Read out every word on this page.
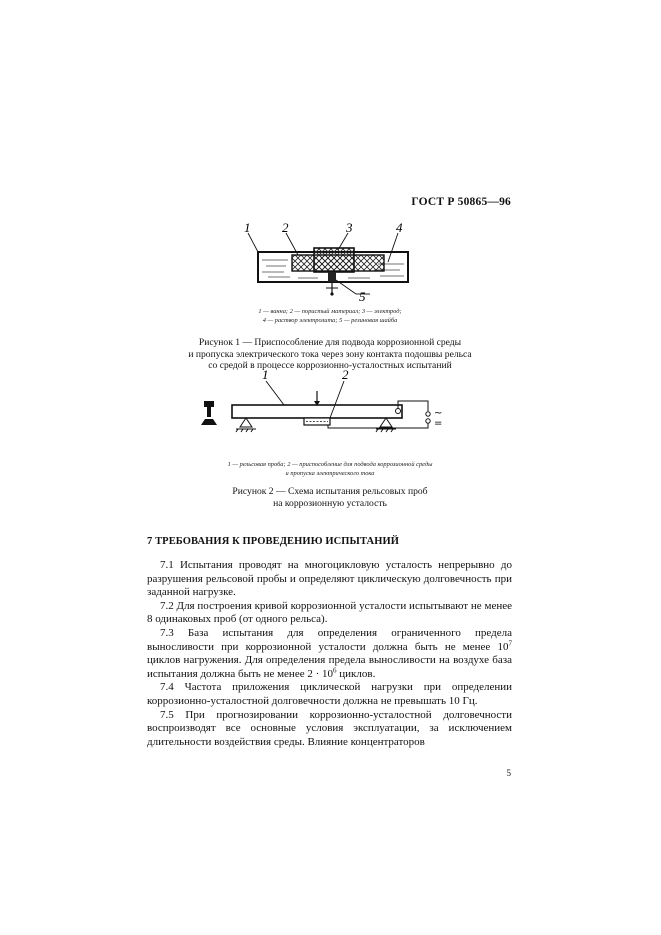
ГОСТ Р 50865—96
1 2	3	4
5
1 — ванна; 2 — пористый материал; 3 — электрод;
4 — раствор электролита; 5 — резиновая шайба
Рисунок 1 — Приспособление для подвода коррозионной среды
и пропуска электрического тока через зону контакта подошвы рельса
со средой в процессе коррозионно-усталостных испытаний
~
=
1	2
1 — рельсовая проба; 2 — приспособление для подвода коррозионной среды
и пропуска электрического тока
Рисунок 2 — Схема испытания рельсовых проб
на коррозионную усталость
7 ТРЕБОВАНИЯ К ПРОВЕДЕНИЮ ИСПЫТАНИЙ

7.1 Испытания проводят на многоцикловую усталость непрерывно до разрушения рельсовой пробы и определяют циклическую долговечность при заданной нагрузке.

7.2 Для построения кривой коррозионной усталости испытывают не менее 8 одинаковых проб (от одного рельса).

7.3 База испытания для определения ограниченного предела выносливости при коррозионной усталости должна быть не менее $10^7$ циклов нагружения. Для определения предела выносливости на воздухе база испытания должна быть не менее $2 \cdot 10^6$ циклов.

7.4 Частота приложения циклической нагрузки при определении коррозионно-усталостной долговечности должна не превышать 10 Гц.

7.5 При прогнозировании коррозионно-усталостной долговечности воспроизводят все основные условия эксплуатации, за исключением длительности воздействия среды. Влияние концентраторов

5
